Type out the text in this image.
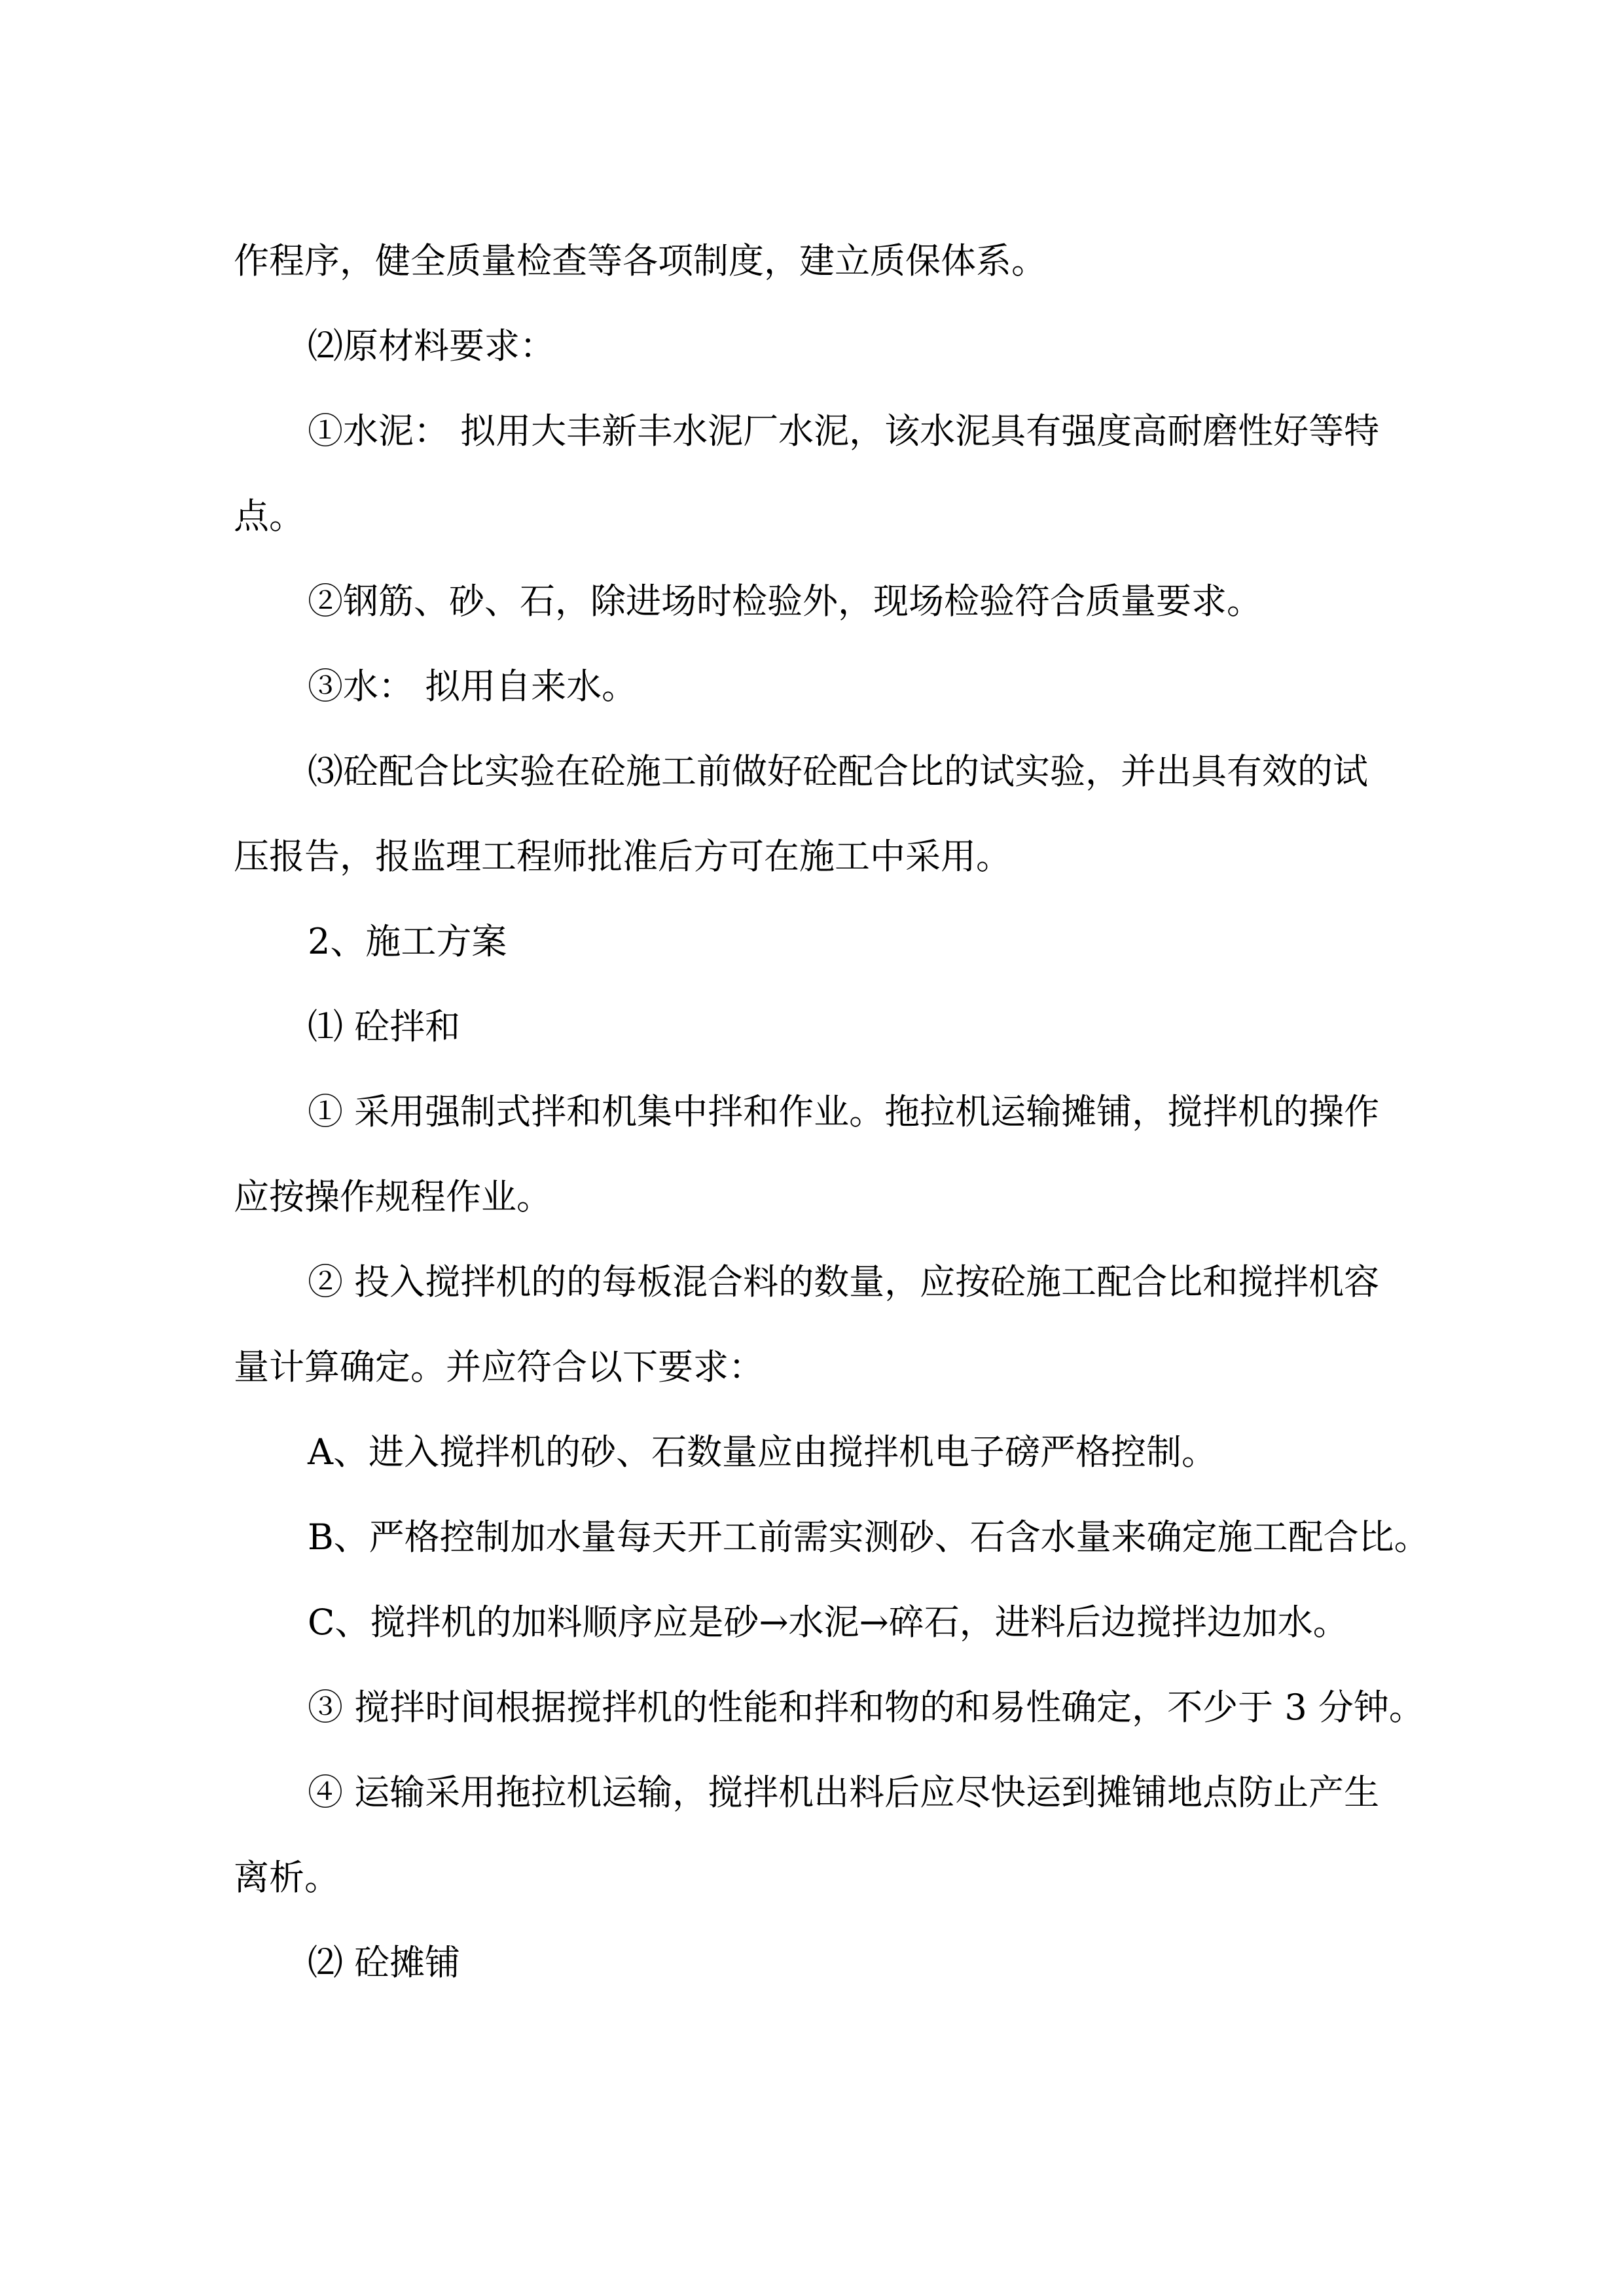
作程序，健全质量检查等各项制度，建立质保体系。
⑵原材料要求：
①水泥： 拟用大丰新丰水泥厂水泥，该水泥具有强度高耐磨性好等特
点。
②钢筋、砂、石，除进场时检验外，现场检验符合质量要求。
③水： 拟用自来水。
⑶砼配合比实验在砼施工前做好砼配合比的试实验，并出具有效的试
压报告，报监理工程师批准后方可在施工中采用。
2、施工方案
⑴ 砼拌和
① 采用强制式拌和机集中拌和作业。拖拉机运输摊铺，搅拌机的操作
应按操作规程作业。
② 投入搅拌机的的每板混合料的数量，应按砼施工配合比和搅拌机容
量计算确定。并应符合以下要求：
A、进入搅拌机的砂、石数量应由搅拌机电子磅严格控制。
B、严格控制加水量每天开工前需实测砂、石含水量来确定施工配合比。
C、搅拌机的加料顺序应是砂→水泥→碎石，进料后边搅拌边加水。
③ 搅拌时间根据搅拌机的性能和拌和物的和易性确定，不少于 3 分钟。
④ 运输采用拖拉机运输，搅拌机出料后应尽快运到摊铺地点防止产生
离析。
⑵ 砼摊铺
